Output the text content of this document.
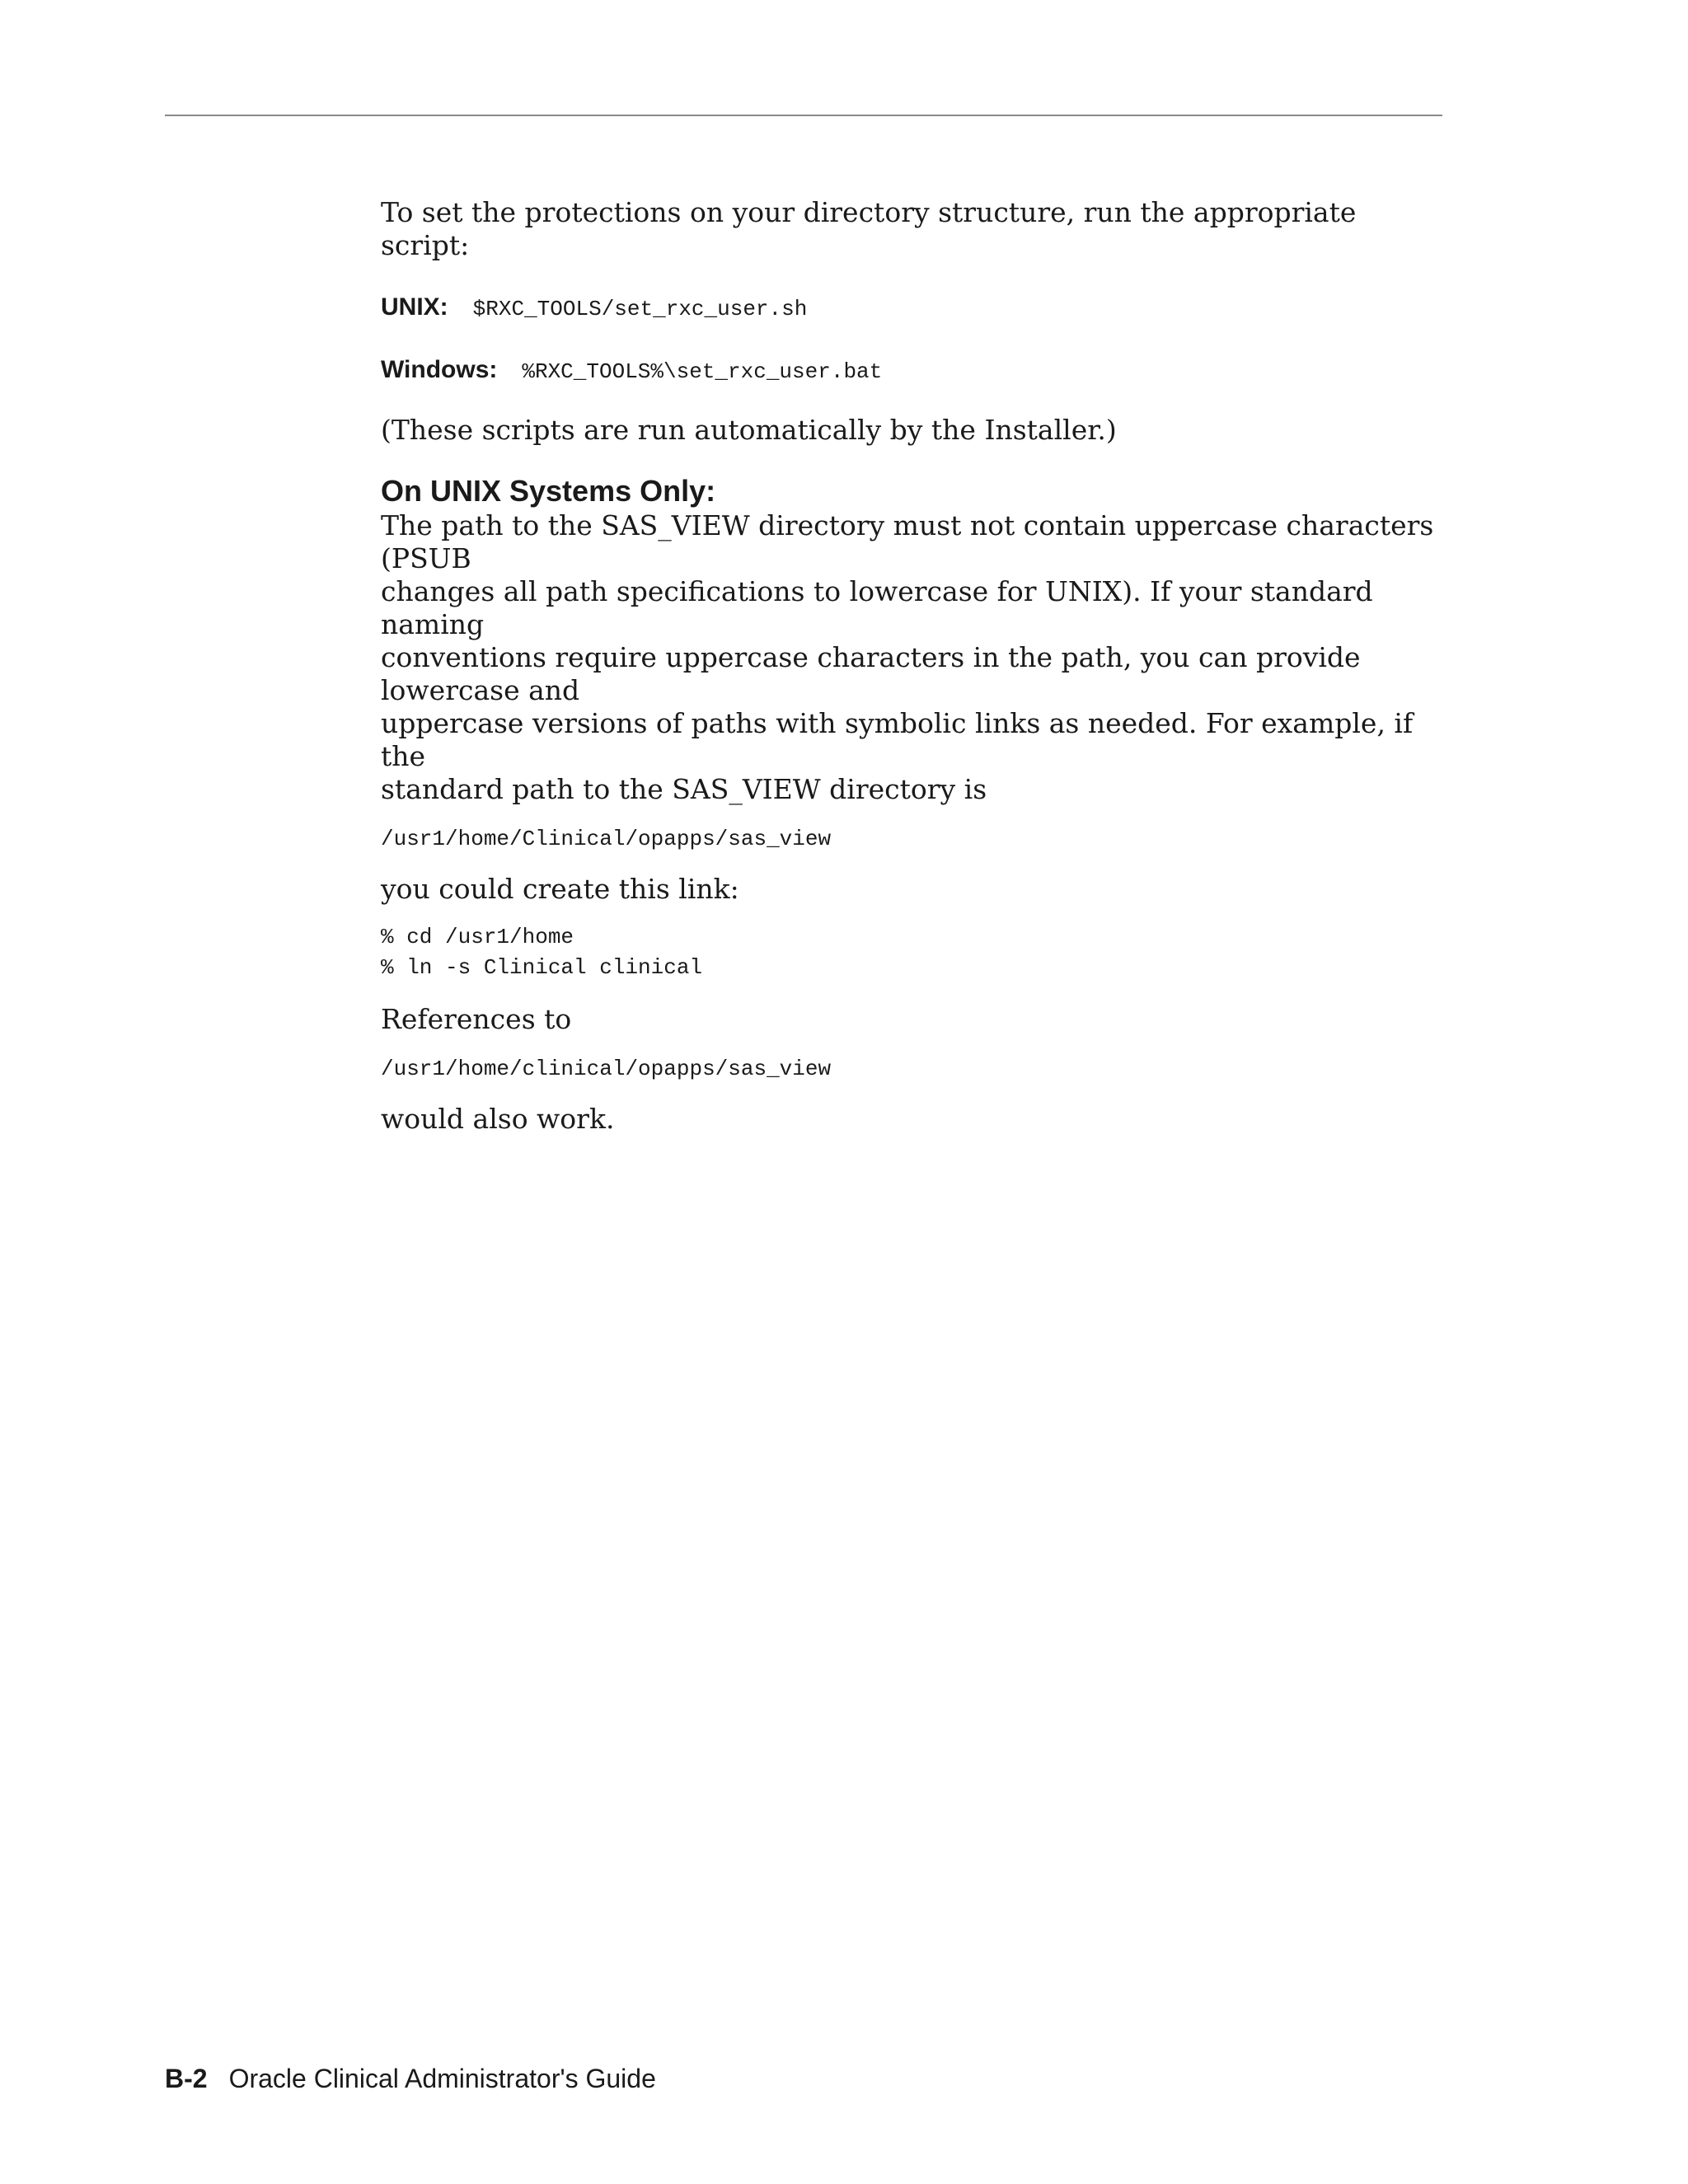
To set the protections on your directory structure, run the appropriate script:

UNIX: $RXC_TOOLS/set_rxc_user.sh
Windows: %RXC_TOOLS%\set_rxc_user.bat

(These scripts are run automatically by the Installer.)

On UNIX Systems Only:
The path to the SAS_VIEW directory must not contain uppercase characters (PSUB
changes all path specifications to lowercase for UNIX). If your standard naming
conventions require uppercase characters in the path, you can provide lowercase and
uppercase versions of paths with symbolic links as needed. For example, if the
standard path to the SAS_VIEW directory is

/usr1/home/Clinical/opapps/sas_view

you could create this link:

% cd /usr1/home
% ln -s Clinical clinical

References to

/usr1/home/clinical/opapps/sas_view

would also work.

B-2 Oracle Clinical Administrator's Guide
